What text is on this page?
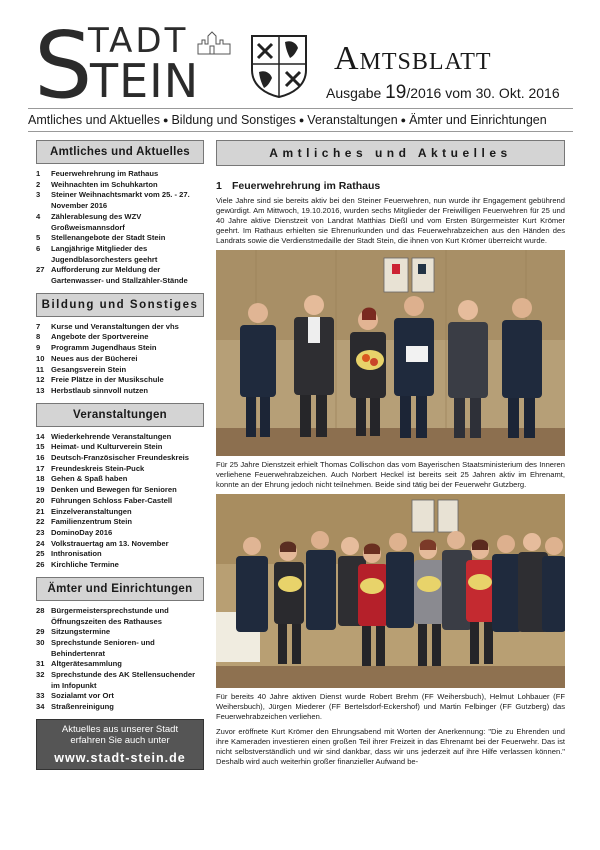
S
TADT
TEIN	Amtsblatt
Ausgabe 19/2016 vom 30. Okt. 2016
Amtliches und Aktuelles ● Bildung und Sonstiges ● Veranstaltungen ● Ämter und Einrichtungen
Amtliches und Aktuelles
1	Feuerwehrehrung im Rathaus
2	Weihnachten im Schuhkarton
3	Steiner Weihnachtsmarkt vom 25. - 27. November 2016
4	Zählerablesung des WZV Großweismannsdorf
5	Stellenangebote der Stadt Stein
6	Langjährige Mitglieder des Jugendblasorchesters geehrt
27 Aufforderung zur Meldung der Gartenwasser- und Stallzähler-Stände
Bildung und Sonstiges
7	Kurse und Veranstaltungen der vhs
8	Angebote der Sportvereine
9	Programm Jugendhaus Stein
10 Neues aus der Bücherei
11 Gesangsverein Stein
12 Freie Plätze in der Musikschule
13 Herbstlaub sinnvoll nutzen
Veranstaltungen
14 Wiederkehrende Veranstaltungen
15 Heimat- und Kulturverein Stein
16 Deutsch-Französischer Freundeskreis
17 Freundeskreis Stein-Puck
18 Gehen & Spaß haben
19 Denken und Bewegen für Senioren
20 Führungen Schloss Faber-Castell
21 Einzelveranstaltungen
22 Familienzentrum Stein
23 DominoDay 2016
24 Volkstrauertag am 13. November
25 Inthronisation
26 Kirchliche Termine
Ämter und Einrichtungen
28 Bürgermeistersprechstunde und Öffnungszeiten des Rathauses
29 Sitzungstermine
30 Sprechstunde Senioren- und Behindertenrat
31 Altgerätesammlung
32 Sprechstunde des AK Stellensuchender im Infopunkt
33 Sozialamt vor Ort
34 Straßenreinigung
Aktuelles aus unserer Stadt
erfahren Sie auch unter
www.stadt-stein.de
Amtliches und Aktuelles
1 Feuerwehrehrung im Rathaus

Viele Jahre sind sie bereits aktiv bei den Steiner Feuerwehren, nun wurde ihr Engagement gebührend gewürdigt. Am Mittwoch, 19.10.2016, wurden sechs Mitglieder der Freiwilligen Feuerwehren für 25 und 40 Jahre aktive Dienstzeit von Landrat Matthias Dießl und vom Ersten Bürgermeister Kurt Krömer geehrt. Im Rathaus erhielten sie Ehrenurkunden und das Feuerwehrabzeichen aus den Händen des Landrats sowie die Verdienstmedaille der Stadt Stein, die ihnen von Kurt Krömer überreicht wurde.

Für 25 Jahre Dienstzeit erhielt Thomas Collischon das vom Bayerischen Staatsministerium des Inneren verliehene Feuerwehrabzeichen. Auch Norbert Heckel ist bereits seit 25 Jahren aktiv im Ehrenamt, konnte an der Ehrung jedoch nicht teilnehmen. Beide sind tätig bei der Feuerwehr Gutzberg.

Für bereits 40 Jahre aktiven Dienst wurde Robert Brehm (FF Weihersbuch), Helmut Lohbauer (FF Weihersbuch), Jürgen Miederer (FF Bertelsdorf-Eckershof) und Martin Felbinger (FF Gutzberg) das Feuerwehrabzeichen verliehen.

Zuvor eröffnete Kurt Krömer den Ehrungsabend mit Worten der Anerkennung: "Die zu Ehrenden und ihre Kameraden investieren einen großen Teil ihrer Freizeit in das Ehrenamt bei der Feuerwehr. Das ist nicht selbstverständlich und wir sind dankbar, dass wir uns jederzeit auf ihre Hilfe verlassen können." Deshalb wird auch weiterhin großer finanzieller Aufwand be-
